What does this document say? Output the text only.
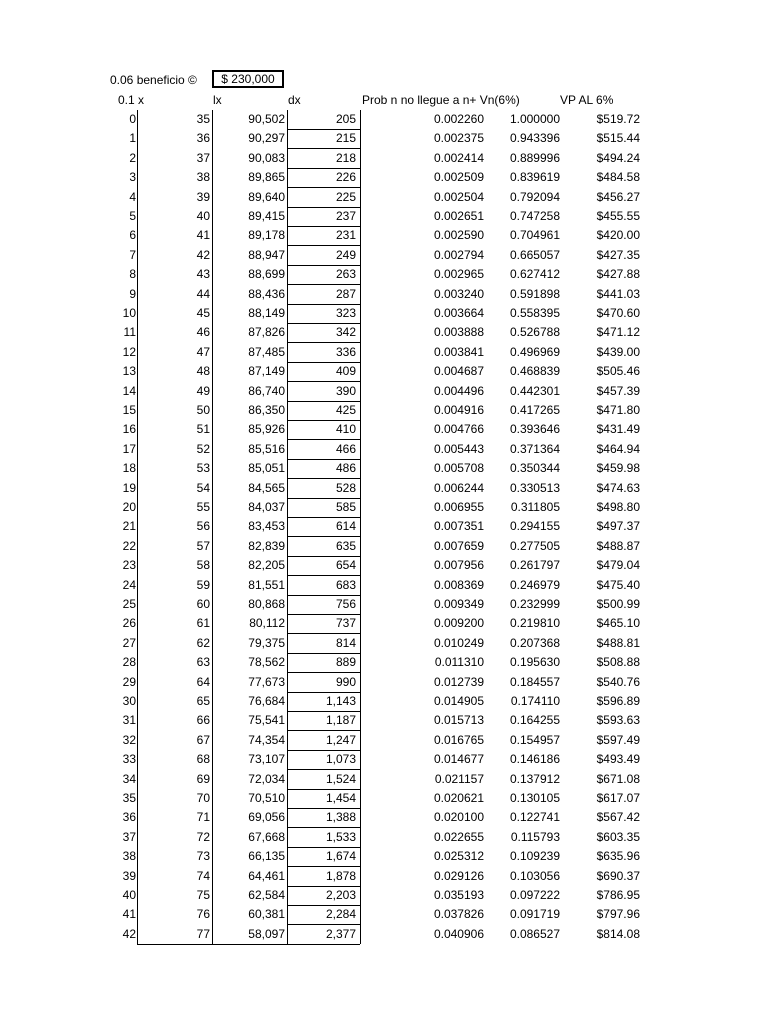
0.06 beneficio ©	$ 230,000
0.1 x	lx	dx	Prob n no llegue a n+ Vn(6%)	VP AL 6%
0	35	90,502	205	0.002260	1.000000	$519.72
1	36	90,297	215	0.002375	0.943396	$515.44
2	37	90,083	218	0.002414	0.889996	$494.24
3	38	89,865	226	0.002509	0.839619	$484.58
4	39	89,640	225	0.002504	0.792094	$456.27
5	40	89,415	237	0.002651	0.747258	$455.55
6	41	89,178	231	0.002590	0.704961	$420.00
7	42	88,947	249	0.002794	0.665057	$427.35
8	43	88,699	263	0.002965	0.627412	$427.88
9	44	88,436	287	0.003240	0.591898	$441.03
10	45	88,149	323	0.003664	0.558395	$470.60
11	46	87,826	342	0.003888	0.526788	$471.12
12	47	87,485	336	0.003841	0.496969	$439.00
13	48	87,149	409	0.004687	0.468839	$505.46
14	49	86,740	390	0.004496	0.442301	$457.39
15	50	86,350	425	0.004916	0.417265	$471.80
16	51	85,926	410	0.004766	0.393646	$431.49
17	52	85,516	466	0.005443	0.371364	$464.94
18	53	85,051	486	0.005708	0.350344	$459.98
19	54	84,565	528	0.006244	0.330513	$474.63
20	55	84,037	585	0.006955	0.311805	$498.80
21	56	83,453	614	0.007351	0.294155	$497.37
22	57	82,839	635	0.007659	0.277505	$488.87
23	58	82,205	654	0.007956	0.261797	$479.04
24	59	81,551	683	0.008369	0.246979	$475.40
25	60	80,868	756	0.009349	0.232999	$500.99
26	61	80,112	737	0.009200	0.219810	$465.10
27	62	79,375	814	0.010249	0.207368	$488.81
28	63	78,562	889	0.011310	0.195630	$508.88
29	64	77,673	990	0.012739	0.184557	$540.76
30	65	76,684	1,143	0.014905	0.174110	$596.89
31	66	75,541	1,187	0.015713	0.164255	$593.63
32	67	74,354	1,247	0.016765	0.154957	$597.49
33	68	73,107	1,073	0.014677	0.146186	$493.49
34	69	72,034	1,524	0.021157	0.137912	$671.08
35	70	70,510	1,454	0.020621	0.130105	$617.07
36	71	69,056	1,388	0.020100	0.122741	$567.42
37	72	67,668	1,533	0.022655	0.115793	$603.35
38	73	66,135	1,674	0.025312	0.109239	$635.96
39	74	64,461	1,878	0.029126	0.103056	$690.37
40	75	62,584	2,203	0.035193	0.097222	$786.95
41	76	60,381	2,284	0.037826	0.091719	$797.96
42	77	58,097	2,377	0.040906	0.086527	$814.08
